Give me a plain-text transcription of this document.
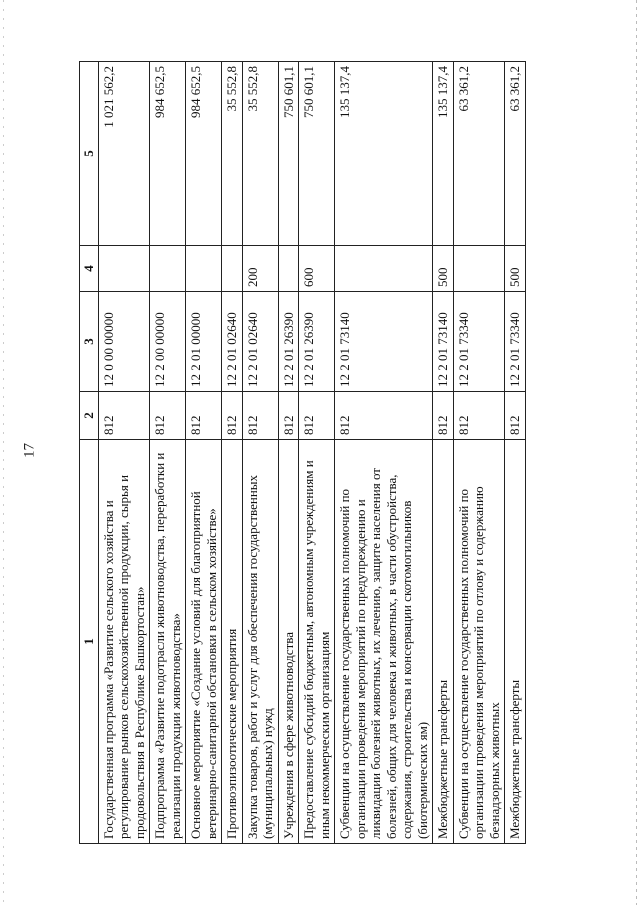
17
1	2	3	4	5
Государственная программа «Развитие сельского хозяйства и регулирование рынков сельскохозяйственной продукции, сырья и продовольствия в Республике Башкортостан»	812	12 0 00 00000		1 021 562,2
Подпрограмма «Развитие подотрасли животноводства, переработки и реализации продукции животноводства»	812	12 2 00 00000		984 652,5
Основное мероприятие «Создание условий для благоприятной ветеринарно-санитарной обстановки в сельском хозяйстве»	812	12 2 01 00000		984 652,5
Противоэпизоотические мероприятия	812	12 2 01 02640		35 552,8
Закупка товаров, работ и услуг для обеспечения государственных (муниципальных) нужд	812	12 2 01 02640	200	35 552,8
Учреждения в сфере животноводства	812	12 2 01 26390		750 601,1
Предоставление субсидий бюджетным, автономным учреждениям и иным некоммерческим организациям	812	12 2 01 26390	600	750 601,1
Субвенции на осуществление государственных полномочий по организации проведения мероприятий по предупреждению и ликвидации болезней животных, их лечению, защите населения от болезней, общих для человека и животных, в части обустройства, содержания, строительства и консервации скотомогильников (биотермических ям)	812	12 2 01 73140		135 137,4
Межбюджетные трансферты	812	12 2 01 73140	500	135 137,4
Субвенции на осуществление государственных полномочий по организации проведения мероприятий по отлову и содержанию безнадзорных животных	812	12 2 01 73340		63 361,2
Межбюджетные трансферты	812	12 2 01 73340	500	63 361,2
